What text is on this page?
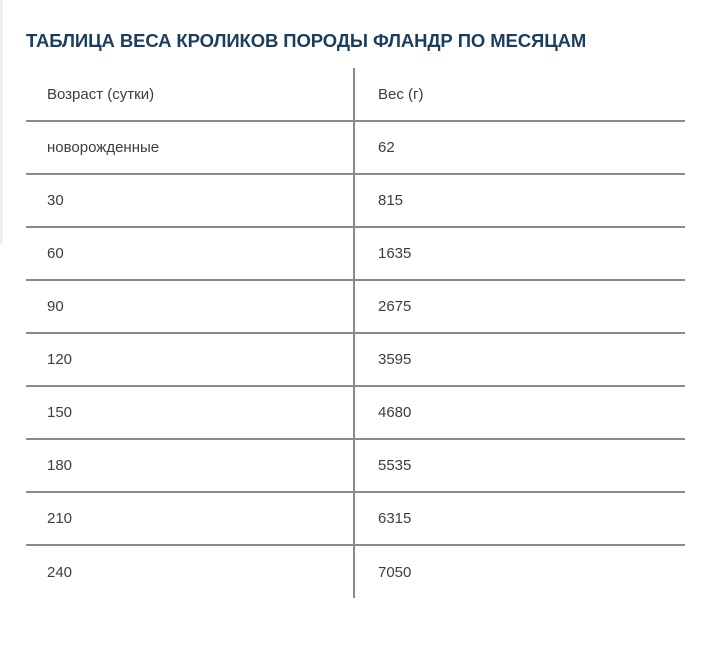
ТАБЛИЦА ВЕСА КРОЛИКОВ ПОРОДЫ ФЛАНДР ПО МЕСЯЦАМ
Возраст (сутки)	Вес (г)
новорожденные	62
30	815
60	1635
90	2675
120	3595
150	4680
180	5535
210	6315
240	7050
